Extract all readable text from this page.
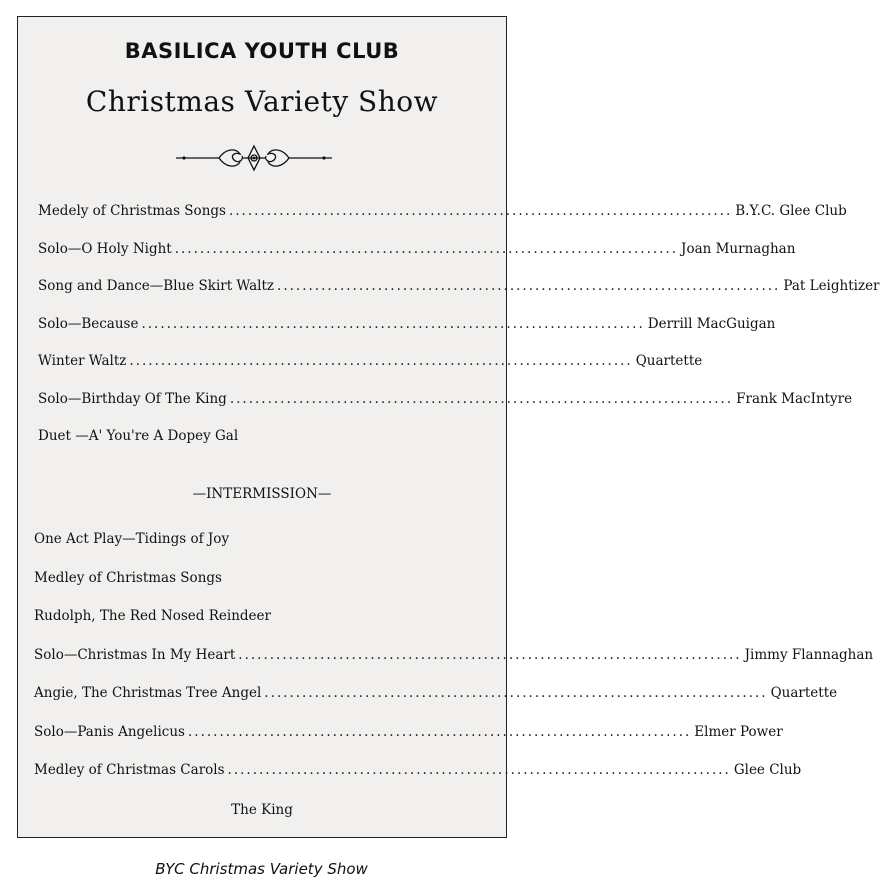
BASILICA YOUTH CLUB
Christmas Variety Show
Medely of Christmas Songs ................................................................................ B.Y.C. Glee Club
Solo—O Holy Night ................................................................................ Joan Murnaghan
Song and Dance—Blue Skirt Waltz ................................................................................ Pat Leightizer
Solo—Because ................................................................................ Derrill MacGuigan
Winter Waltz ................................................................................ Quartette
Solo—Birthday Of The King ................................................................................ Frank MacIntyre
Duet —A' You're A Dopey Gal
—INTERMISSION—
One Act Play—Tidings of Joy
Medley of Christmas Songs
Rudolph, The Red Nosed Reindeer
Solo—Christmas In My Heart ................................................................................ Jimmy Flannaghan
Angie, The Christmas Tree Angel ................................................................................ Quartette
Solo—Panis Angelicus ................................................................................ Elmer Power
Medley of Christmas Carols ................................................................................ Glee Club
The King
BYC Christmas Variety Show
